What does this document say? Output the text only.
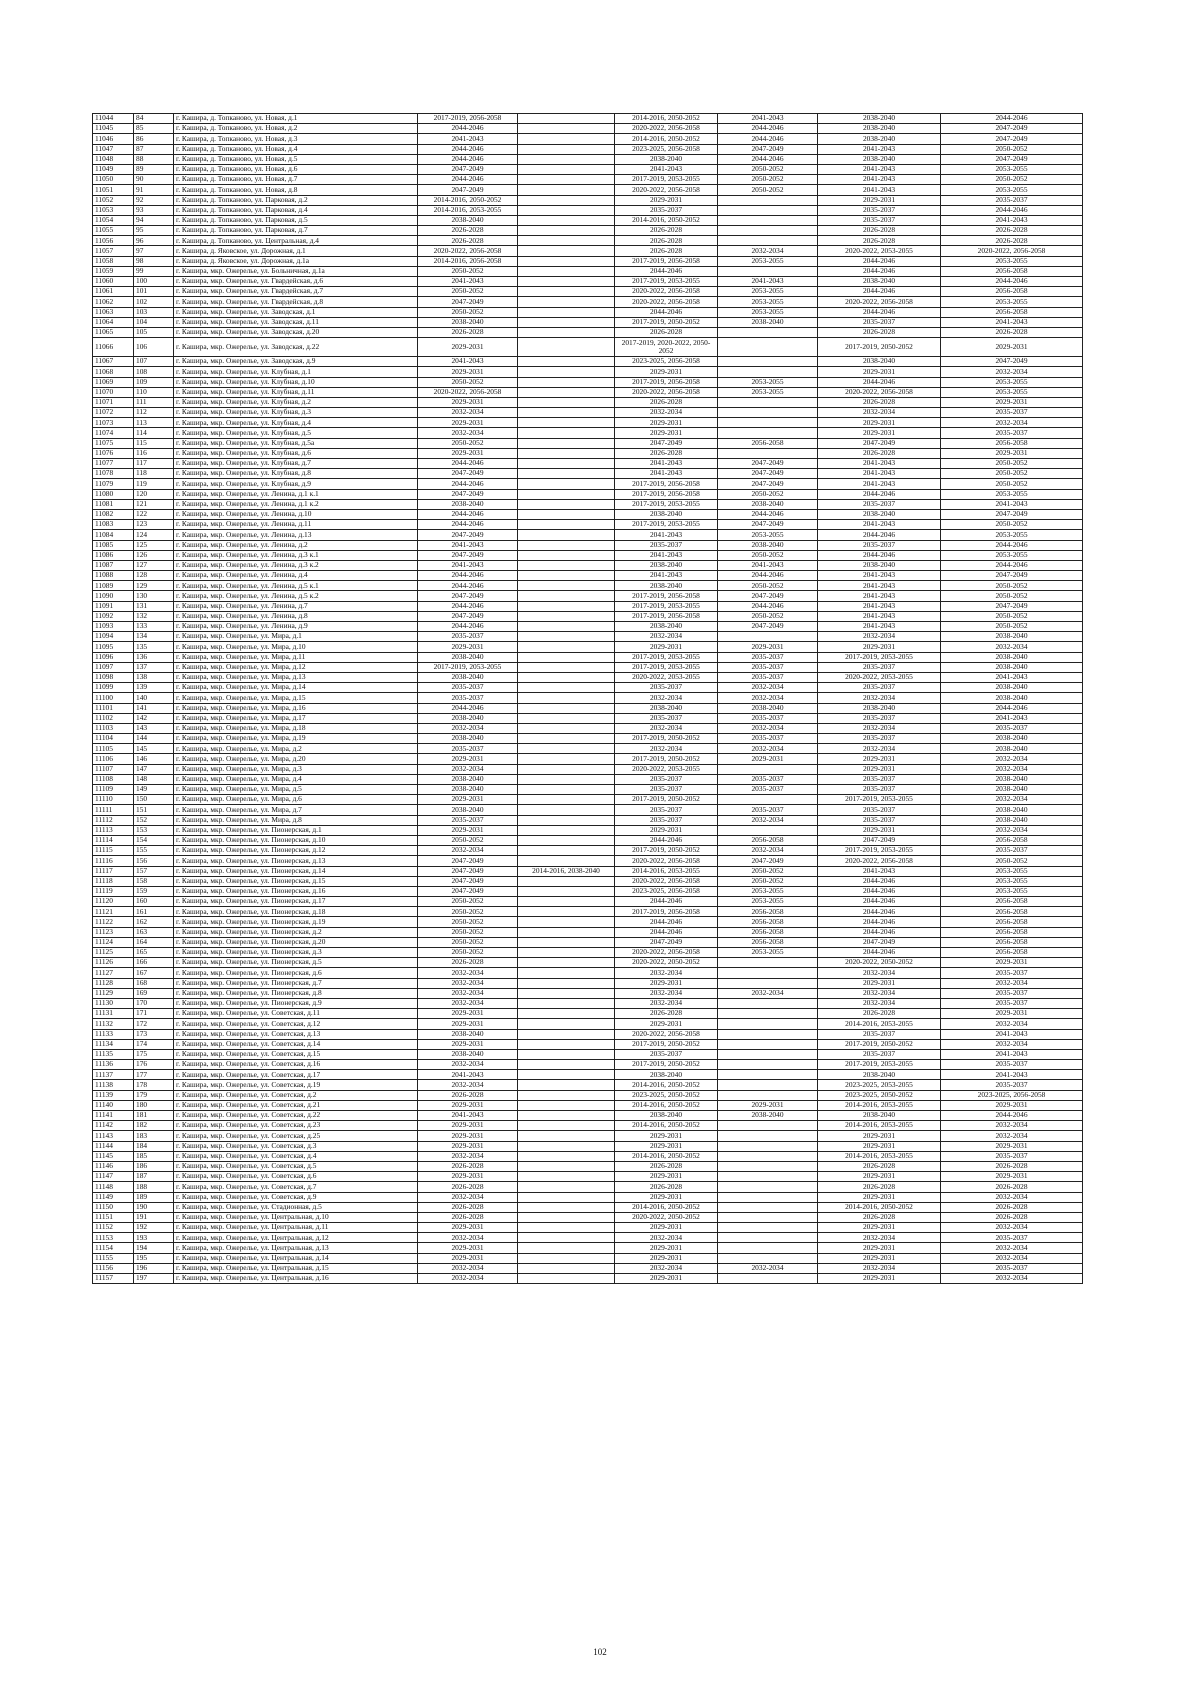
11044	84	г. Кашира, д. Топканово, ул. Новая, д.1	2017-2019, 2056-2058		2014-2016, 2050-2052	2041-2043	2038-2040	2044-2046
11045	85	г. Кашира, д. Топканово, ул. Новая, д.2	2044-2046		2020-2022, 2056-2058	2044-2046	2038-2040	2047-2049
11046	86	г. Кашира, д. Топканово, ул. Новая, д.3	2041-2043		2014-2016, 2050-2052	2044-2046	2038-2040	2047-2049
11047	87	г. Кашира, д. Топканово, ул. Новая, д.4	2044-2046		2023-2025, 2056-2058	2047-2049	2041-2043	2050-2052
11048	88	г. Кашира, д. Топканово, ул. Новая, д.5	2044-2046		2038-2040	2044-2046	2038-2040	2047-2049
11049	89	г. Кашира, д. Топканово, ул. Новая, д.6	2047-2049		2041-2043	2050-2052	2041-2043	2053-2055
11050	90	г. Кашира, д. Топканово, ул. Новая, д.7	2044-2046		2017-2019, 2053-2055	2050-2052	2041-2043	2050-2052
11051	91	г. Кашира, д. Топканово, ул. Новая, д.8	2047-2049		2020-2022, 2056-2058	2050-2052	2041-2043	2053-2055
11052	92	г. Кашира, д. Топканово, ул. Парковая, д.2	2014-2016, 2050-2052		2029-2031		2029-2031	2035-2037
11053	93	г. Кашира, д. Топканово, ул. Парковая, д.4	2014-2016, 2053-2055		2035-2037		2035-2037	2044-2046
11054	94	г. Кашира, д. Топканово, ул. Парковая, д.5	2038-2040		2014-2016, 2050-2052		2035-2037	2041-2043
11055	95	г. Кашира, д. Топканово, ул. Парковая, д.7	2026-2028		2026-2028		2026-2028	2026-2028
11056	96	г. Кашира, д. Топканово, ул. Центральная, д.4	2026-2028		2026-2028		2026-2028	2026-2028
11057	97	г. Кашира, д. Яковское, ул. Дорожная, д.1	2020-2022, 2056-2058		2026-2028	2032-2034	2020-2022, 2053-2055	2020-2022, 2056-2058
11058	98	г. Кашира, д. Яковское, ул. Дорожная, д.1а	2014-2016, 2056-2058		2017-2019, 2056-2058	2053-2055	2044-2046	2053-2055
11059	99	г. Кашира, мкр. Ожерелье, ул. Больничная, д.1а	2050-2052		2044-2046		2044-2046	2056-2058
11060	100	г. Кашира, мкр. Ожерелье, ул. Гвардейская, д.6	2041-2043		2017-2019, 2053-2055	2041-2043	2038-2040	2044-2046
11061	101	г. Кашира, мкр. Ожерелье, ул. Гвардейская, д.7	2050-2052		2020-2022, 2056-2058	2053-2055	2044-2046	2056-2058
11062	102	г. Кашира, мкр. Ожерелье, ул. Гвардейская, д.8	2047-2049		2020-2022, 2056-2058	2053-2055	2020-2022, 2056-2058	2053-2055
11063	103	г. Кашира, мкр. Ожерелье, ул. Заводская, д.1	2050-2052		2044-2046	2053-2055	2044-2046	2056-2058
11064	104	г. Кашира, мкр. Ожерелье, ул. Заводская, д.11	2038-2040		2017-2019, 2050-2052	2038-2040	2035-2037	2041-2043
11065	105	г. Кашира, мкр. Ожерелье, ул. Заводская, д.20	2026-2028		2026-2028		2026-2028	2026-2028
11066	106	г. Кашира, мкр. Ожерелье, ул. Заводская, д.22	2029-2031		2017-2019, 2020-2022, 2050-2052		2017-2019, 2050-2052	2029-2031
11067	107	г. Кашира, мкр. Ожерелье, ул. Заводская, д.9	2041-2043		2023-2025, 2056-2058		2038-2040	2047-2049
11068	108	г. Кашира, мкр. Ожерелье, ул. Клубная, д.1	2029-2031		2029-2031		2029-2031	2032-2034
11069	109	г. Кашира, мкр. Ожерелье, ул. Клубная, д.10	2050-2052		2017-2019, 2056-2058	2053-2055	2044-2046	2053-2055
11070	110	г. Кашира, мкр. Ожерелье, ул. Клубная, д.11	2020-2022, 2056-2058		2020-2022, 2056-2058	2053-2055	2020-2022, 2056-2058	2053-2055
11071	111	г. Кашира, мкр. Ожерелье, ул. Клубная, д.2	2029-2031		2026-2028		2026-2028	2029-2031
11072	112	г. Кашира, мкр. Ожерелье, ул. Клубная, д.3	2032-2034		2032-2034		2032-2034	2035-2037
11073	113	г. Кашира, мкр. Ожерелье, ул. Клубная, д.4	2029-2031		2029-2031		2029-2031	2032-2034
11074	114	г. Кашира, мкр. Ожерелье, ул. Клубная, д.5	2032-2034		2029-2031		2029-2031	2035-2037
11075	115	г. Кашира, мкр. Ожерелье, ул. Клубная, д.5а	2050-2052		2047-2049	2056-2058	2047-2049	2056-2058
11076	116	г. Кашира, мкр. Ожерелье, ул. Клубная, д.6	2029-2031		2026-2028		2026-2028	2029-2031
11077	117	г. Кашира, мкр. Ожерелье, ул. Клубная, д.7	2044-2046		2041-2043	2047-2049	2041-2043	2050-2052
11078	118	г. Кашира, мкр. Ожерелье, ул. Клубная, д.8	2047-2049		2041-2043	2047-2049	2041-2043	2050-2052
11079	119	г. Кашира, мкр. Ожерелье, ул. Клубная, д.9	2044-2046		2017-2019, 2056-2058	2047-2049	2041-2043	2050-2052
11080	120	г. Кашира, мкр. Ожерелье, ул. Ленина, д.1 к.1	2047-2049		2017-2019, 2056-2058	2050-2052	2044-2046	2053-2055
11081	121	г. Кашира, мкр. Ожерелье, ул. Ленина, д.1 к.2	2038-2040		2017-2019, 2053-2055	2038-2040	2035-2037	2041-2043
11082	122	г. Кашира, мкр. Ожерелье, ул. Ленина, д.10	2044-2046		2038-2040	2044-2046	2038-2040	2047-2049
11083	123	г. Кашира, мкр. Ожерелье, ул. Ленина, д.11	2044-2046		2017-2019, 2053-2055	2047-2049	2041-2043	2050-2052
11084	124	г. Кашира, мкр. Ожерелье, ул. Ленина, д.13	2047-2049		2041-2043	2053-2055	2044-2046	2053-2055
11085	125	г. Кашира, мкр. Ожерелье, ул. Ленина, д.2	2041-2043		2035-2037	2038-2040	2035-2037	2044-2046
11086	126	г. Кашира, мкр. Ожерелье, ул. Ленина, д.3 к.1	2047-2049		2041-2043	2050-2052	2044-2046	2053-2055
11087	127	г. Кашира, мкр. Ожерелье, ул. Ленина, д.3 к.2	2041-2043		2038-2040	2041-2043	2038-2040	2044-2046
11088	128	г. Кашира, мкр. Ожерелье, ул. Ленина, д.4	2044-2046		2041-2043	2044-2046	2041-2043	2047-2049
11089	129	г. Кашира, мкр. Ожерелье, ул. Ленина, д.5 к.1	2044-2046		2038-2040	2050-2052	2041-2043	2050-2052
11090	130	г. Кашира, мкр. Ожерелье, ул. Ленина, д.5 к.2	2047-2049		2017-2019, 2056-2058	2047-2049	2041-2043	2050-2052
11091	131	г. Кашира, мкр. Ожерелье, ул. Ленина, д.7	2044-2046		2017-2019, 2053-2055	2044-2046	2041-2043	2047-2049
11092	132	г. Кашира, мкр. Ожерелье, ул. Ленина, д.8	2047-2049		2017-2019, 2056-2058	2050-2052	2041-2043	2050-2052
11093	133	г. Кашира, мкр. Ожерелье, ул. Ленина, д.9	2044-2046		2038-2040	2047-2049	2041-2043	2050-2052
11094	134	г. Кашира, мкр. Ожерелье, ул. Мира, д.1	2035-2037		2032-2034		2032-2034	2038-2040
11095	135	г. Кашира, мкр. Ожерелье, ул. Мира, д.10	2029-2031		2029-2031	2029-2031	2029-2031	2032-2034
11096	136	г. Кашира, мкр. Ожерелье, ул. Мира, д.11	2038-2040		2017-2019, 2053-2055	2035-2037	2017-2019, 2053-2055	2038-2040
11097	137	г. Кашира, мкр. Ожерелье, ул. Мира, д.12	2017-2019, 2053-2055		2017-2019, 2053-2055	2035-2037	2035-2037	2038-2040
11098	138	г. Кашира, мкр. Ожерелье, ул. Мира, д.13	2038-2040		2020-2022, 2053-2055	2035-2037	2020-2022, 2053-2055	2041-2043
11099	139	г. Кашира, мкр. Ожерелье, ул. Мира, д.14	2035-2037		2035-2037	2032-2034	2035-2037	2038-2040
11100	140	г. Кашира, мкр. Ожерелье, ул. Мира, д.15	2035-2037		2032-2034	2032-2034	2032-2034	2038-2040
11101	141	г. Кашира, мкр. Ожерелье, ул. Мира, д.16	2044-2046		2038-2040	2038-2040	2038-2040	2044-2046
11102	142	г. Кашира, мкр. Ожерелье, ул. Мира, д.17	2038-2040		2035-2037	2035-2037	2035-2037	2041-2043
11103	143	г. Кашира, мкр. Ожерелье, ул. Мира, д.18	2032-2034		2032-2034	2032-2034	2032-2034	2035-2037
11104	144	г. Кашира, мкр. Ожерелье, ул. Мира, д.19	2038-2040		2017-2019, 2050-2052	2035-2037	2035-2037	2038-2040
11105	145	г. Кашира, мкр. Ожерелье, ул. Мира, д.2	2035-2037		2032-2034	2032-2034	2032-2034	2038-2040
11106	146	г. Кашира, мкр. Ожерелье, ул. Мира, д.20	2029-2031		2017-2019, 2050-2052	2029-2031	2029-2031	2032-2034
11107	147	г. Кашира, мкр. Ожерелье, ул. Мира, д.3	2032-2034		2020-2022, 2053-2055		2029-2031	2032-2034
11108	148	г. Кашира, мкр. Ожерелье, ул. Мира, д.4	2038-2040		2035-2037	2035-2037	2035-2037	2038-2040
11109	149	г. Кашира, мкр. Ожерелье, ул. Мира, д.5	2038-2040		2035-2037	2035-2037	2035-2037	2038-2040
11110	150	г. Кашира, мкр. Ожерелье, ул. Мира, д.6	2029-2031		2017-2019, 2050-2052		2017-2019, 2053-2055	2032-2034
11111	151	г. Кашира, мкр. Ожерелье, ул. Мира, д.7	2038-2040		2035-2037	2035-2037	2035-2037	2038-2040
11112	152	г. Кашира, мкр. Ожерелье, ул. Мира, д.8	2035-2037		2035-2037	2032-2034	2035-2037	2038-2040
11113	153	г. Кашира, мкр. Ожерелье, ул. Пионерская, д.1	2029-2031		2029-2031		2029-2031	2032-2034
11114	154	г. Кашира, мкр. Ожерелье, ул. Пионерская, д.10	2050-2052		2044-2046	2056-2058	2047-2049	2056-2058
11115	155	г. Кашира, мкр. Ожерелье, ул. Пионерская, д.12	2032-2034		2017-2019, 2050-2052	2032-2034	2017-2019, 2053-2055	2035-2037
11116	156	г. Кашира, мкр. Ожерелье, ул. Пионерская, д.13	2047-2049		2020-2022, 2056-2058	2047-2049	2020-2022, 2056-2058	2050-2052
11117	157	г. Кашира, мкр. Ожерелье, ул. Пионерская, д.14	2047-2049	2014-2016, 2038-2040	2014-2016, 2053-2055	2050-2052	2041-2043	2053-2055
11118	158	г. Кашира, мкр. Ожерелье, ул. Пионерская, д.15	2047-2049		2020-2022, 2056-2058	2050-2052	2044-2046	2053-2055
11119	159	г. Кашира, мкр. Ожерелье, ул. Пионерская, д.16	2047-2049		2023-2025, 2056-2058	2053-2055	2044-2046	2053-2055
11120	160	г. Кашира, мкр. Ожерелье, ул. Пионерская, д.17	2050-2052		2044-2046	2053-2055	2044-2046	2056-2058
11121	161	г. Кашира, мкр. Ожерелье, ул. Пионерская, д.18	2050-2052		2017-2019, 2056-2058	2056-2058	2044-2046	2056-2058
11122	162	г. Кашира, мкр. Ожерелье, ул. Пионерская, д.19	2050-2052		2044-2046	2056-2058	2044-2046	2056-2058
11123	163	г. Кашира, мкр. Ожерелье, ул. Пионерская, д.2	2050-2052		2044-2046	2056-2058	2044-2046	2056-2058
11124	164	г. Кашира, мкр. Ожерелье, ул. Пионерская, д.20	2050-2052		2047-2049	2056-2058	2047-2049	2056-2058
11125	165	г. Кашира, мкр. Ожерелье, ул. Пионерская, д.3	2050-2052		2020-2022, 2056-2058	2053-2055	2044-2046	2056-2058
11126	166	г. Кашира, мкр. Ожерелье, ул. Пионерская, д.5	2026-2028		2020-2022, 2050-2052		2020-2022, 2050-2052	2029-2031
11127	167	г. Кашира, мкр. Ожерелье, ул. Пионерская, д.6	2032-2034		2032-2034		2032-2034	2035-2037
11128	168	г. Кашира, мкр. Ожерелье, ул. Пионерская, д.7	2032-2034		2029-2031		2029-2031	2032-2034
11129	169	г. Кашира, мкр. Ожерелье, ул. Пионерская, д.8	2032-2034		2032-2034	2032-2034	2032-2034	2035-2037
11130	170	г. Кашира, мкр. Ожерелье, ул. Пионерская, д.9	2032-2034		2032-2034		2032-2034	2035-2037
11131	171	г. Кашира, мкр. Ожерелье, ул. Советская, д.11	2029-2031		2026-2028		2026-2028	2029-2031
11132	172	г. Кашира, мкр. Ожерелье, ул. Советская, д.12	2029-2031		2029-2031		2014-2016, 2053-2055	2032-2034
11133	173	г. Кашира, мкр. Ожерелье, ул. Советская, д.13	2038-2040		2020-2022, 2056-2058		2035-2037	2041-2043
11134	174	г. Кашира, мкр. Ожерелье, ул. Советская, д.14	2029-2031		2017-2019, 2050-2052		2017-2019, 2050-2052	2032-2034
11135	175	г. Кашира, мкр. Ожерелье, ул. Советская, д.15	2038-2040		2035-2037		2035-2037	2041-2043
11136	176	г. Кашира, мкр. Ожерелье, ул. Советская, д.16	2032-2034		2017-2019, 2050-2052		2017-2019, 2053-2055	2035-2037
11137	177	г. Кашира, мкр. Ожерелье, ул. Советская, д.17	2041-2043		2038-2040		2038-2040	2041-2043
11138	178	г. Кашира, мкр. Ожерелье, ул. Советская, д.19	2032-2034		2014-2016, 2050-2052		2023-2025, 2053-2055	2035-2037
11139	179	г. Кашира, мкр. Ожерелье, ул. Советская, д.2	2026-2028		2023-2025, 2050-2052		2023-2025, 2050-2052	2023-2025, 2056-2058
11140	180	г. Кашира, мкр. Ожерелье, ул. Советская, д.21	2029-2031		2014-2016, 2050-2052	2029-2031	2014-2016, 2053-2055	2029-2031
11141	181	г. Кашира, мкр. Ожерелье, ул. Советская, д.22	2041-2043		2038-2040	2038-2040	2038-2040	2044-2046
11142	182	г. Кашира, мкр. Ожерелье, ул. Советская, д.23	2029-2031		2014-2016, 2050-2052		2014-2016, 2053-2055	2032-2034
11143	183	г. Кашира, мкр. Ожерелье, ул. Советская, д.25	2029-2031		2029-2031		2029-2031	2032-2034
11144	184	г. Кашира, мкр. Ожерелье, ул. Советская, д.3	2029-2031		2029-2031		2029-2031	2029-2031
11145	185	г. Кашира, мкр. Ожерелье, ул. Советская, д.4	2032-2034		2014-2016, 2050-2052		2014-2016, 2053-2055	2035-2037
11146	186	г. Кашира, мкр. Ожерелье, ул. Советская, д.5	2026-2028		2026-2028		2026-2028	2026-2028
11147	187	г. Кашира, мкр. Ожерелье, ул. Советская, д.6	2029-2031		2029-2031		2029-2031	2029-2031
11148	188	г. Кашира, мкр. Ожерелье, ул. Советская, д.7	2026-2028		2026-2028		2026-2028	2026-2028
11149	189	г. Кашира, мкр. Ожерелье, ул. Советская, д.9	2032-2034		2029-2031		2029-2031	2032-2034
11150	190	г. Кашира, мкр. Ожерелье, ул. Стадионная, д.5	2026-2028		2014-2016, 2050-2052		2014-2016, 2050-2052	2026-2028
11151	191	г. Кашира, мкр. Ожерелье, ул. Центральная, д.10	2026-2028		2020-2022, 2050-2052		2026-2028	2026-2028
11152	192	г. Кашира, мкр. Ожерелье, ул. Центральная, д.11	2029-2031		2029-2031		2029-2031	2032-2034
11153	193	г. Кашира, мкр. Ожерелье, ул. Центральная, д.12	2032-2034		2032-2034		2032-2034	2035-2037
11154	194	г. Кашира, мкр. Ожерелье, ул. Центральная, д.13	2029-2031		2029-2031		2029-2031	2032-2034
11155	195	г. Кашира, мкр. Ожерелье, ул. Центральная, д.14	2029-2031		2029-2031		2029-2031	2032-2034
11156	196	г. Кашира, мкр. Ожерелье, ул. Центральная, д.15	2032-2034		2032-2034	2032-2034	2032-2034	2035-2037
11157	197	г. Кашира, мкр. Ожерелье, ул. Центральная, д.16	2032-2034		2029-2031		2029-2031	2032-2034
102
